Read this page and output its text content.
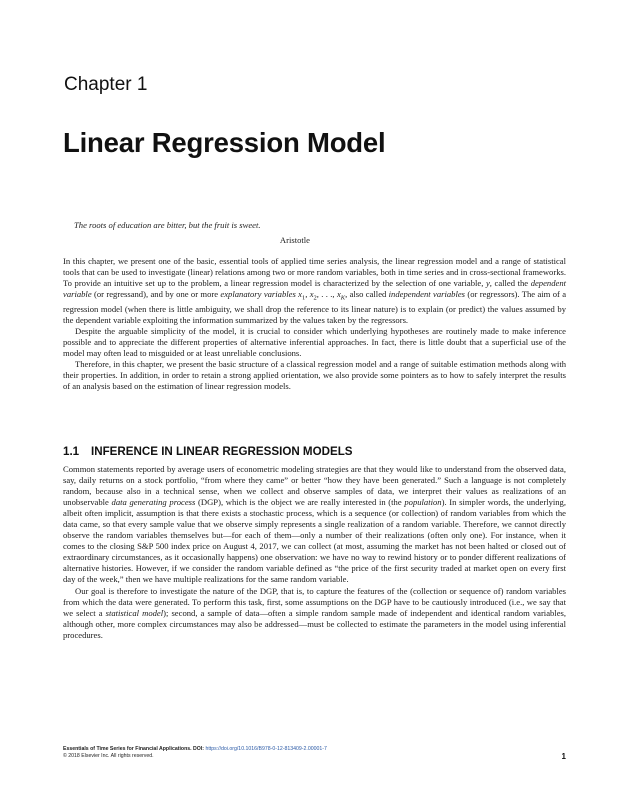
Chapter 1
Linear Regression Model
The roots of education are bitter, but the fruit is sweet.
Aristotle

In this chapter, we present one of the basic, essential tools of applied time series analysis, the linear regression model and a range of statistical tools that can be used to investigate (linear) relations among two or more random variables, both in time series and in cross-sectional frameworks. To provide an intuitive set up to the problem, a linear regression model is characterized by the selection of one variable, y, called the dependent variable (or regressand), and by one or more explanatory variables $x_1$, $x_2$, . . ., $x_K$, also called independent variables (or regressors). The aim of a regression model (when there is little ambiguity, we shall drop the reference to its linear nature) is to explain (or predict) the values assumed by the dependent variable exploiting the information summarized by the values taken by the regressors.

Despite the arguable simplicity of the model, it is crucial to consider which underlying hypotheses are routinely made to make inference possible and to appreciate the different properties of alternative inferential approaches. In fact, there is little doubt that a superficial use of the model may often lead to misguided or at least unreliable conclusions.

Therefore, in this chapter, we present the basic structure of a classical regression model and a range of suitable estimation methods along with their properties. In addition, in order to retain a strong applied orientation, we also provide some pointers as to how to safely interpret the results of an analysis based on the estimation of linear regression models.

1.1 INFERENCE IN LINEAR REGRESSION MODELS

Common statements reported by average users of econometric modeling strategies are that they would like to understand from the observed data, say, daily returns on a stock portfolio, “from where they came” or better “how they have been generated.” Such a language is not completely random, because also in a technical sense, when we collect and observe samples of data, we interpret their values as realizations of an unobservable data generating process (DGP), which is the object we are really interested in (the population). In simpler words, the underlying, albeit often implicit, assumption is that there exists a stochastic process, which is a sequence (or collection) of random variables from which the data came, so that every sample value that we observe simply represents a single realization of a random variable. Therefore, we cannot directly observe the random variables themselves but—for each of them—only a number of their realizations (often only one). For instance, when it comes to the closing S&P 500 index price on August 4, 2017, we can collect (at most, assuming the market has not been halted or closed out of extraordinary circumstances, as it occasionally happens) one observation: we have no way to rewind history or to ponder different realizations of alternative histories. However, if we consider the random variable defined as “the price of the first security traded at market open on every first day of the week,” then we have multiple realizations for the same random variable.

Our goal is therefore to investigate the nature of the DGP, that is, to capture the features of the (collection or sequence of) random variables from which the data were generated. To perform this task, first, some assumptions on the DGP have to be cautiously introduced (i.e., we say that we select a statistical model); second, a sample of data—often a simple random sample made of independent and identical random variables, although other, more complex circumstances may also be addressed—must be collected to estimate the parameters in the model using inferential procedures.

Essentials of Time Series for Financial Applications. DOI: https://doi.org/10.1016/B978-0-12-813409-2.00001-7
© 2018 Elsevier Inc. All rights reserved.	1
